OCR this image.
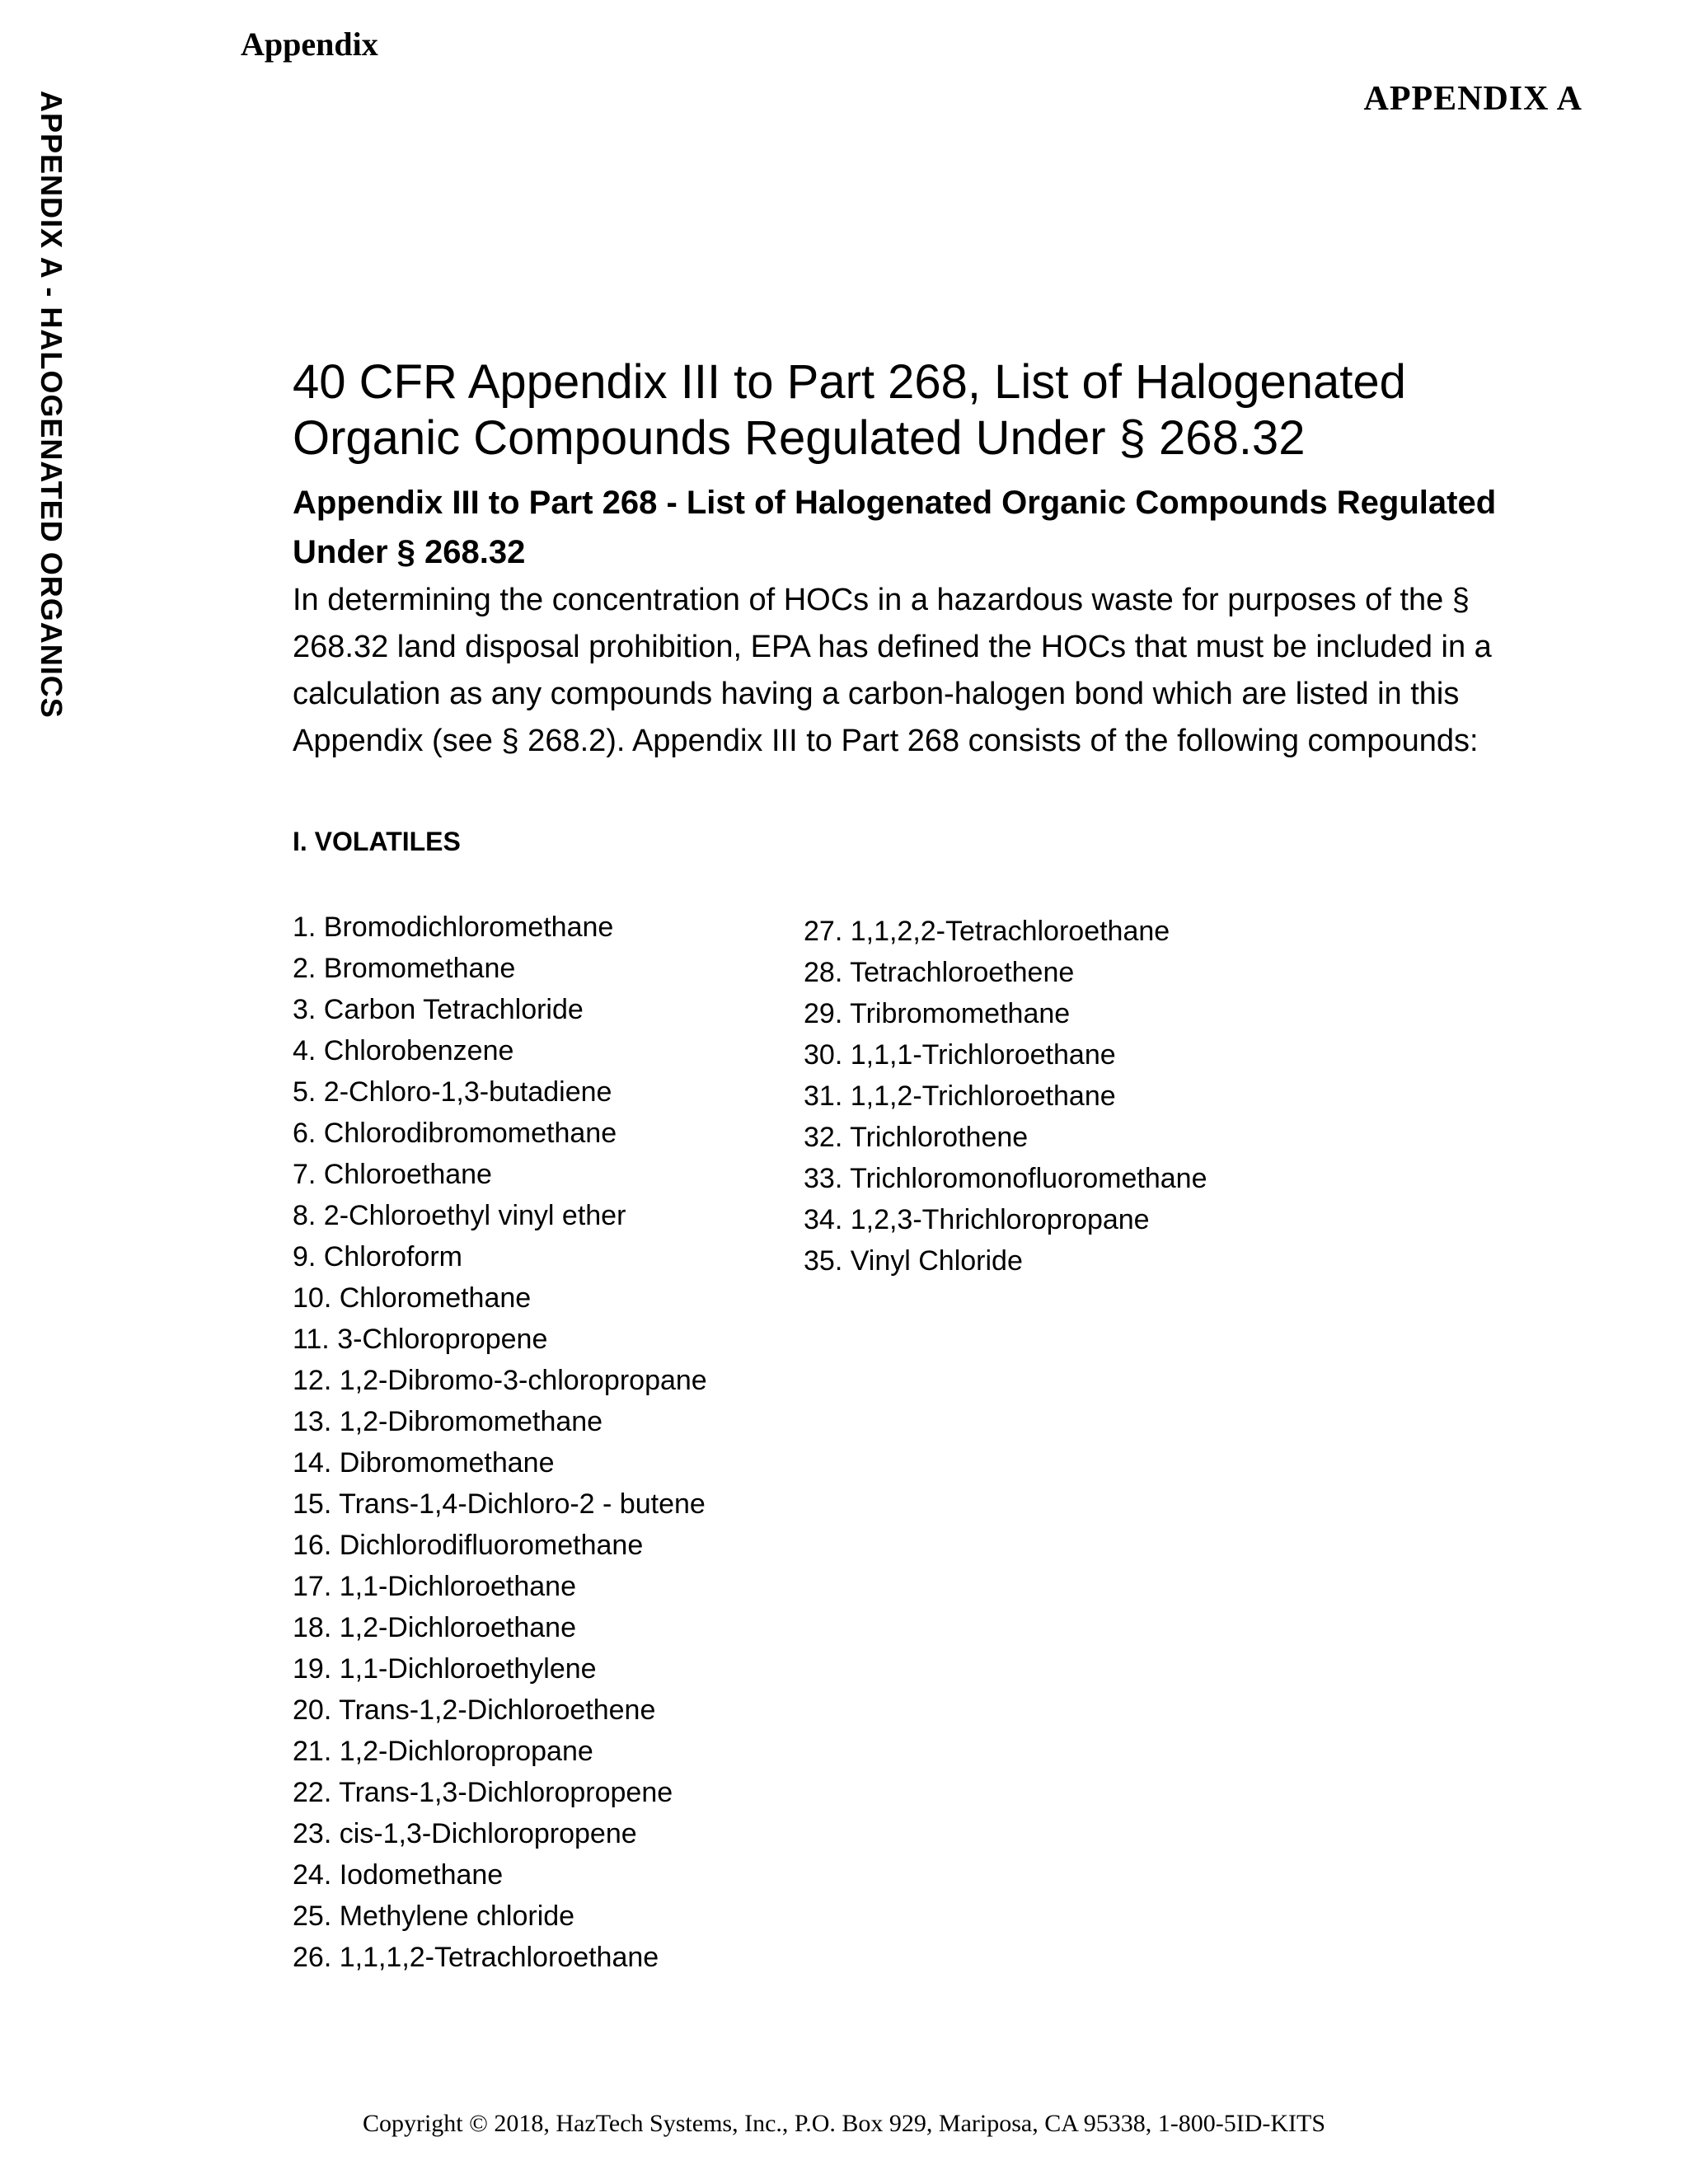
Appendix
APPENDIX A
APPENDIX A - HALOGENATED ORGANICS	40 CFR Appendix III to Part 268, List of Halogenated Organic Compounds Regulated Under § 268.32
Appendix III to Part 268 - List of Halogenated Organic Compounds Regulated Under § 268.32

In determining the concentration of HOCs in a hazardous waste for purposes of the § 268.32 land disposal prohibition, EPA has defined the HOCs that must be included in a calculation as any compounds having a carbon-halogen bond which are listed in this Appendix (see § 268.2). Appendix III to Part 268 consists of the following compounds:

I. VOLATILES
1. Bromodichloromethane
2. Bromomethane
3. Carbon Tetrachloride
4. Chlorobenzene
5. 2-Chloro-1,3-butadiene
6. Chlorodibromomethane
7. Chloroethane
8. 2-Chloroethyl vinyl ether
9. Chloroform
10. Chloromethane
11. 3-Chloropropene
12. 1,2-Dibromo-3-chloropropane
13. 1,2-Dibromomethane
14. Dibromomethane
15. Trans-1,4-Dichloro-2 - butene
16. Dichlorodifluoromethane
17. 1,1-Dichloroethane
18. 1,2-Dichloroethane
19. 1,1-Dichloroethylene
20. Trans-1,2-Dichloroethene
21. 1,2-Dichloropropane
22. Trans-1,3-Dichloropropene
23. cis-1,3-Dichloropropene
24. Iodomethane
25. Methylene chloride
26. 1,1,1,2-Tetrachloroethane
27. 1,1,2,2-Tetrachloroethane
28. Tetrachloroethene
29. Tribromomethane
30. 1,1,1-Trichloroethane
31. 1,1,2-Trichloroethane
32. Trichlorothene
33. Trichloromonofluoromethane
34. 1,2,3-Thrichloropropane
35. Vinyl Chloride
Copyright © 2018, HazTech Systems, Inc., P.O. Box 929, Mariposa, CA 95338, 1-800-5ID-KITS
